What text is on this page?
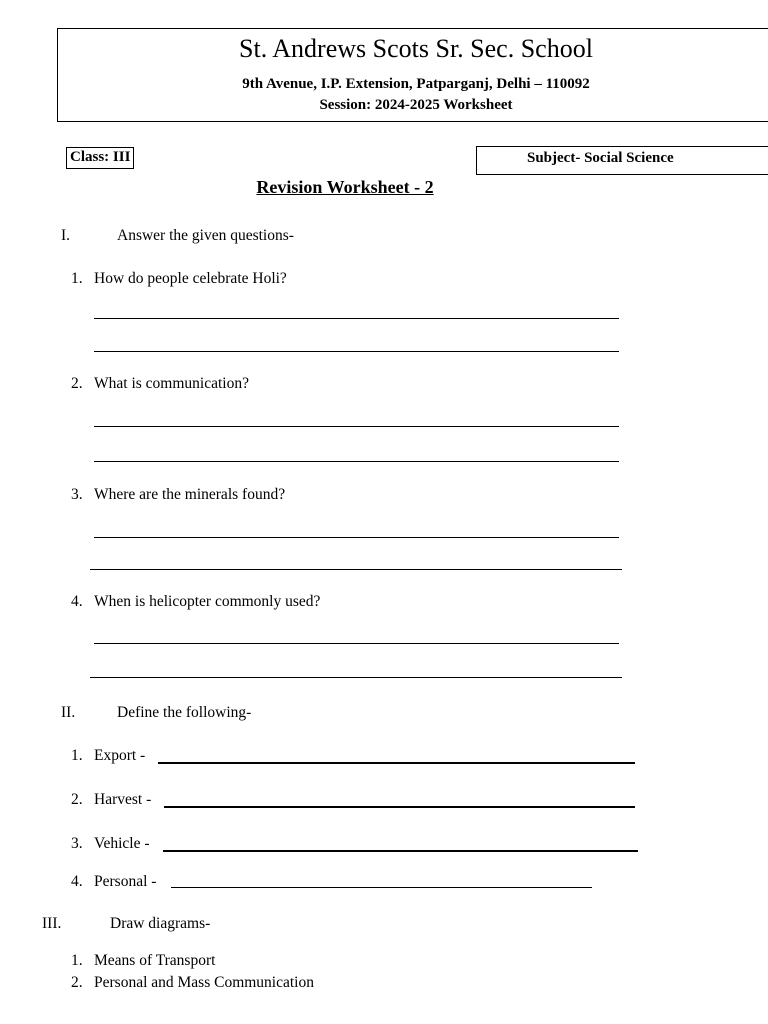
St. Andrews Scots Sr. Sec. School
9th Avenue, I.P. Extension, Patparganj, Delhi – 110092
Session: 2024-2025 Worksheet
Class: III	Subject- Social Science
Revision Worksheet - 2
I.	Answer the given questions-
1. How do people celebrate Holi?
2. What is communication?
3. Where are the minerals found?
4. When is helicopter commonly used?
II.	Define the following-
1. Export -
2. Harvest -
3. Vehicle -
4. Personal -
III.	Draw diagrams-
1. Means of Transport
2. Personal and Mass Communication
